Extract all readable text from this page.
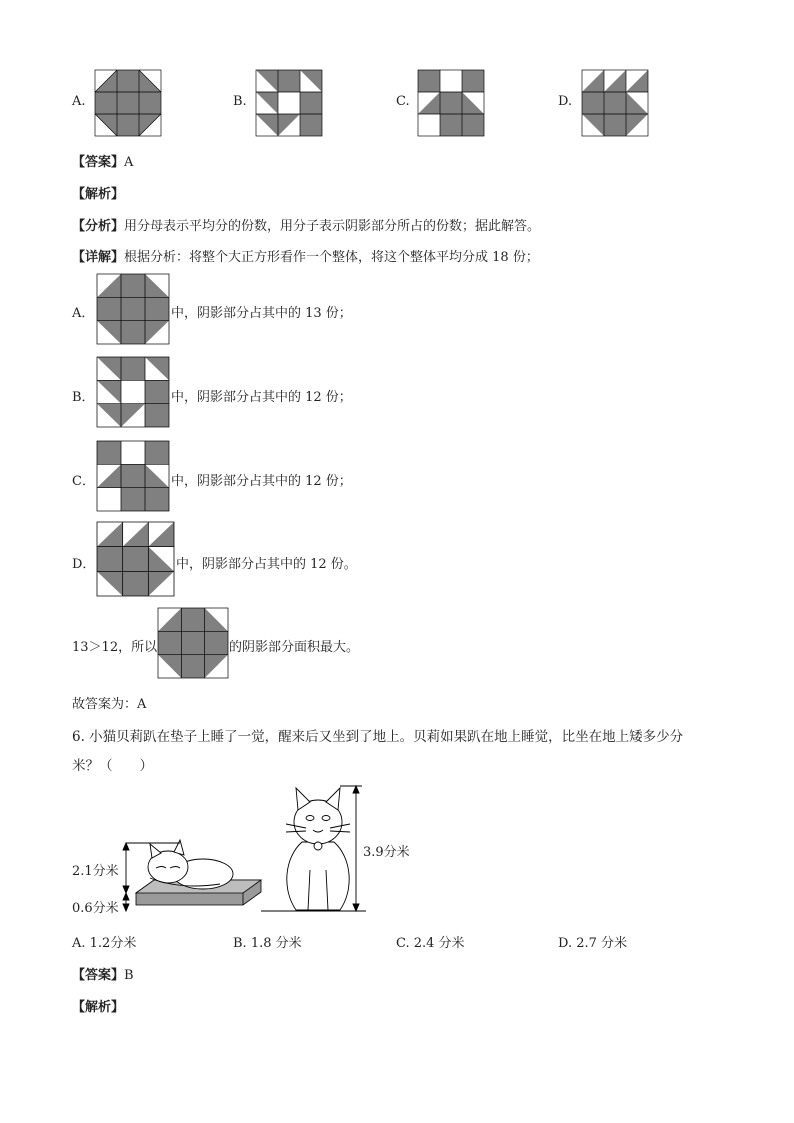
A.	B.	C.	D.
【答案】A
【解析】
【分析】用分母表示平均分的份数，用分子表示阴影部分所占的份数；据此解答。
【详解】根据分析：将整个大正方形看作一个整体，将这个整体平均分成 18 份；
A．	中，阴影部分占其中的 13 份；
B．	中，阴影部分占其中的 12 份；
C．	中，阴影部分占其中的 12 份；
D．	中，阴影部分占其中的 12 份。
13＞12，所以	的阴影部分面积最大。
故答案为：A
6. 小猫贝莉趴在垫子上睡了一觉，醒来后又坐到了地上。贝莉如果趴在地上睡觉，比坐在地上矮多少分
米？（　　）
2.1分米
0.6分米
3.9分米
A. 1.2分米	B. 1.8 分米	C. 2.4 分米	D. 2.7 分米
【答案】B
【解析】
